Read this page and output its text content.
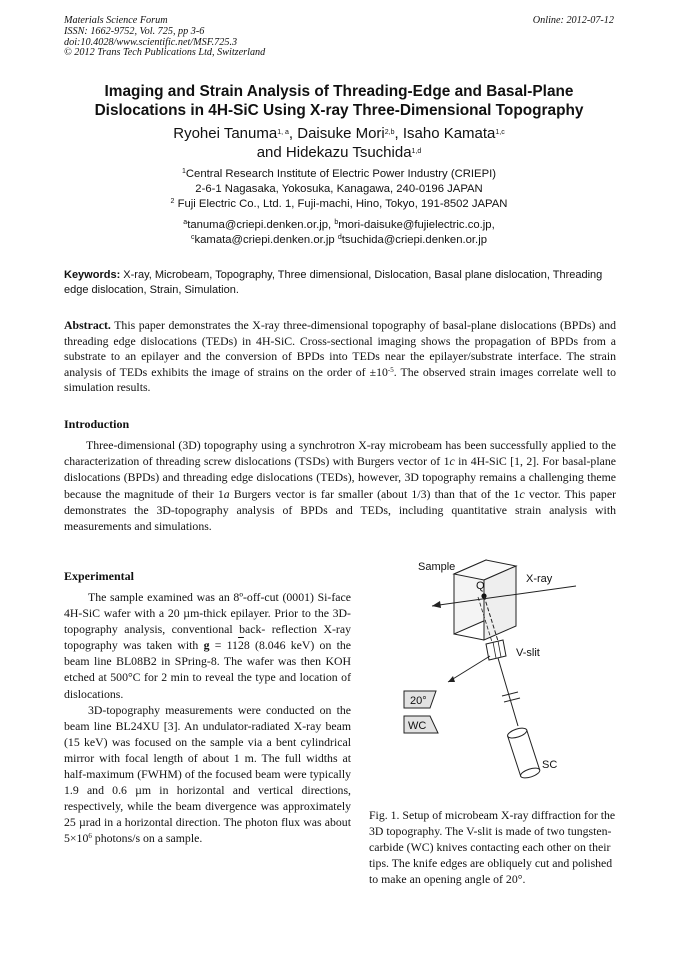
Materials Science Forum
ISSN: 1662-9752, Vol. 725, pp 3-6
doi:10.4028/www.scientific.net/MSF.725.3
© 2012 Trans Tech Publications Ltd, Switzerland
Online: 2012-07-12
Imaging and Strain Analysis of Threading-Edge and Basal-Plane
Dislocations in 4H-SiC Using X-ray Three-Dimensional Topography
Ryohei Tanuma$^{1, a}$, Daisuke Mori$^{2,b}$, Isaho Kamata$^{1,c}$
and Hidekazu Tsuchida$^{1,d}$
$^1$Central Research Institute of Electric Power Industry (CRIEPI)
2-6-1 Nagasaka, Yokosuka, Kanagawa, 240-0196 JAPAN
$^2$ Fuji Electric Co., Ltd. 1, Fuji-machi, Hino, Tokyo, 191-8502 JAPAN
$^a$tanuma@criepi.denken.or.jp, $^b$mori-daisuke@fujielectric.co.jp,
$^c$kamata@criepi.denken.or.jp $^d$tsuchida@criepi.denken.or.jp
Keywords: X-ray, Microbeam, Topography, Three dimensional, Dislocation, Basal plane dislocation, Threading edge dislocation, Strain, Simulation.
Abstract. This paper demonstrates the X-ray three-dimensional topography of basal-plane dislocations (BPDs) and threading edge dislocations (TEDs) in 4H-SiC. Cross-sectional imaging shows the propagation of BPDs from a substrate to an epilayer and the conversion of BPDs into TEDs near the epilayer/substrate interface. The strain analysis of TEDs exhibits the image of strains on the order of $\pm 10^{-5}$. The observed strain images correlate well to simulation results.
Introduction
Three-dimensional (3D) topography using a synchrotron X-ray microbeam has been successfully applied to the characterization of threading screw dislocations (TSDs) with Burgers vector of 1c in 4H-SiC [1, 2]. For basal-plane dislocations (BPDs) and threading edge dislocations (TEDs), however, 3D topography remains a challenging theme because the magnitude of their 1a Burgers vector is far smaller (about 1/3) than that of the 1c vector. This paper demonstrates the 3D-topography analysis of BPDs and TEDs, including quantitative strain analysis with measurements and simulations.
Experimental

The sample examined was an 8º-off-cut (0001) Si-face 4H-SiC wafer with a 20 µm-thick epilayer. Prior to the 3D-topography analysis, conventional back- reflection X-ray topography was taken with g = 1128 (8.046 keV) on the beam line BL08B2 in SPring-8. The wafer was then KOH etched at 500°C for 2 min to reveal the type and location of dislocations.

3D-topography measurements were conducted on the beam line BL24XU [3]. An undulator-radiated X-ray beam (15 keV) was focused on the sample via a bent cylindrical mirror with focal length of about 1 m. The full widths at half-maximum (FWHM) of the focused beam were typically 1.9 and 0.6 µm in horizontal and vertical directions, respectively, while the beam divergence was approximately 25 µrad in a horizontal direction. The photon flux was about $5\times 10^6$ photons/s on a sample.

Sample
Q
X-ray
V-slit
20°
WC
SC
Fig. 1. Setup of microbeam X-ray diffraction for the 3D topography. The V-slit is made of two tungsten-carbide (WC) knives contacting each other on their tips. The knife edges are obliquely cut and polished to make an opening angle of 20°.
